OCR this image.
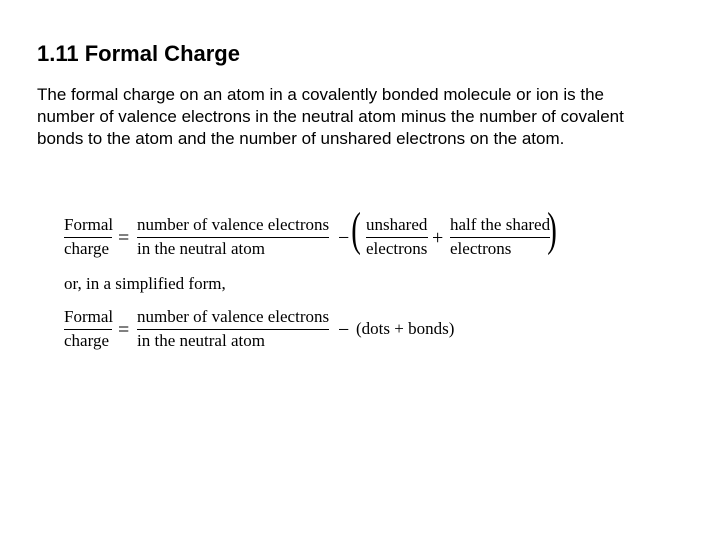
1.11 Formal Charge
The formal charge on an atom in a covalently bonded molecule or ion is the number of valence electrons in the neutral atom minus the number of covalent bonds to the atom and the number of unshared electrons on the atom.
Formal
charge =
number of valence electrons
in the neutral atom	− ( unshared
electrons +
half the shared
electrons )
or, in a simplified form,
Formal
charge =
number of valence electrons
in the neutral atom	− (dots + bonds)
